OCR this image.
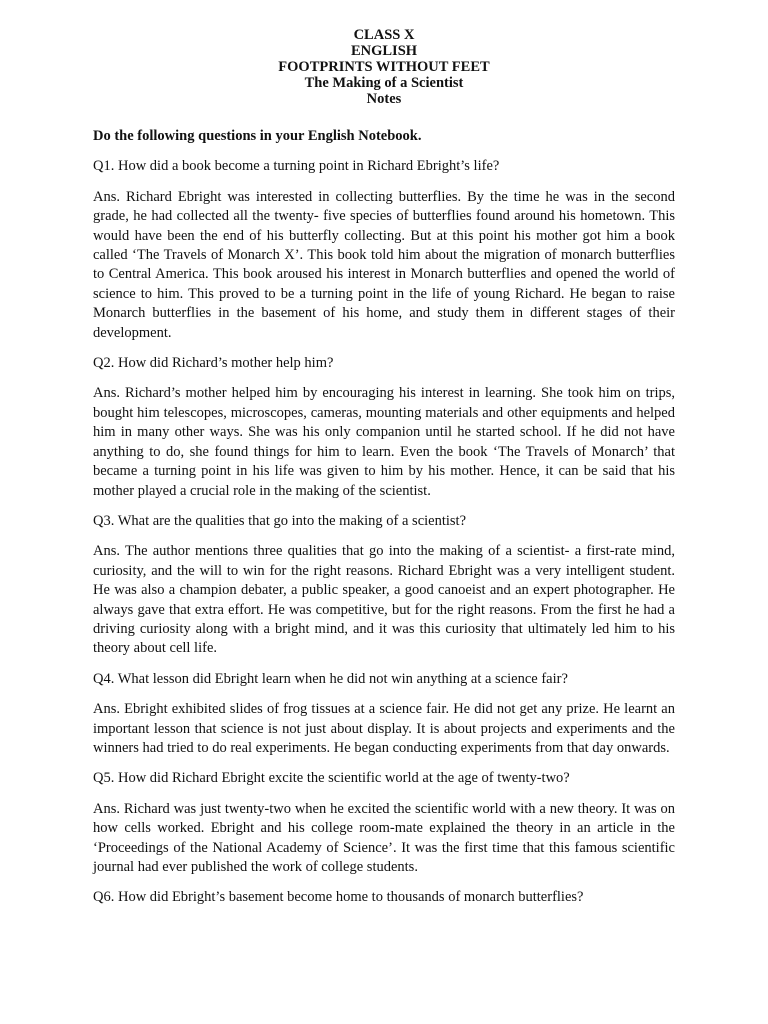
CLASS X
ENGLISH
FOOTPRINTS WITHOUT FEET
The Making of a Scientist
Notes

Do the following questions in your English Notebook.

Q1. How did a book become a turning point in Richard Ebright’s life?

Ans. Richard Ebright was interested in collecting butterflies. By the time he was in the second grade, he had collected all the twenty- five species of butterflies found around his hometown. This would have been the end of his butterfly collecting. But at this point his mother got him a book called ‘The Travels of Monarch X’. This book told him about the migration of monarch butterflies to Central America. This book aroused his interest in Monarch butterflies and opened the world of science to him. This proved to be a turning point in the life of young Richard. He began to raise Monarch butterflies in the basement of his home, and study them in different stages of their development.

Q2. How did Richard’s mother help him?

Ans. Richard’s mother helped him by encouraging his interest in learning. She took him on trips, bought him telescopes, microscopes, cameras, mounting materials and other equipments and helped him in many other ways. She was his only companion until he started school. If he did not have anything to do, she found things for him to learn. Even the book ‘The Travels of Monarch’ that became a turning point in his life was given to him by his mother. Hence, it can be said that his mother played a crucial role in the making of the scientist.

Q3. What are the qualities that go into the making of a scientist?

Ans. The author mentions three qualities that go into the making of a scientist- a first-rate mind, curiosity, and the will to win for the right reasons. Richard Ebright was a very intelligent student. He was also a champion debater, a public speaker, a good canoeist and an expert photographer. He always gave that extra effort. He was competitive, but for the right reasons. From the first he had a driving curiosity along with a bright mind, and it was this curiosity that ultimately led him to his theory about cell life.

Q4. What lesson did Ebright learn when he did not win anything at a science fair?

Ans. Ebright exhibited slides of frog tissues at a science fair. He did not get any prize. He learnt an important lesson that science is not just about display. It is about projects and experiments and the winners had tried to do real experiments. He began conducting experiments from that day onwards.

Q5. How did Richard Ebright excite the scientific world at the age of twenty-two?

Ans. Richard was just twenty-two when he excited the scientific world with a new theory. It was on how cells worked. Ebright and his college room-mate explained the theory in an article in the ‘Proceedings of the National Academy of Science’. It was the first time that this famous scientific journal had ever published the work of college students.

Q6. How did Ebright’s basement become home to thousands of monarch butterflies?
